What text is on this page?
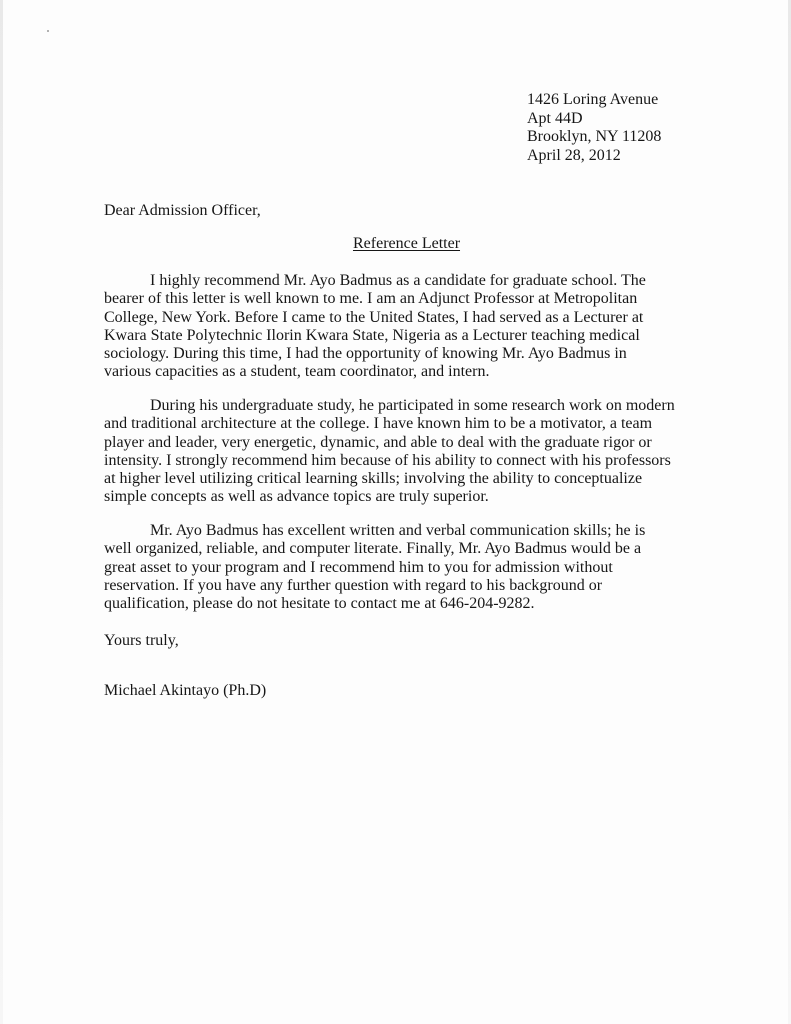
1426 Loring Avenue
Apt 44D
Brooklyn, NY 11208
April 28, 2012
Dear Admission Officer,
Reference Letter
I highly recommend Mr. Ayo Badmus as a candidate for graduate school. The
bearer of this letter is well known to me. I am an Adjunct Professor at Metropolitan
College, New York. Before I came to the United States, I had served as a Lecturer at
Kwara State Polytechnic Ilorin Kwara State, Nigeria as a Lecturer teaching medical
sociology. During this time, I had the opportunity of knowing Mr. Ayo Badmus in
various capacities as a student, team coordinator, and intern.
During his undergraduate study, he participated in some research work on modern
and traditional architecture at the college. I have known him to be a motivator, a team
player and leader, very energetic, dynamic, and able to deal with the graduate rigor or
intensity. I strongly recommend him because of his ability to connect with his professors
at higher level utilizing critical learning skills; involving the ability to conceptualize
simple concepts as well as advance topics are truly superior.
Mr. Ayo Badmus has excellent written and verbal communication skills; he is
well organized, reliable, and computer literate. Finally, Mr. Ayo Badmus would be a
great asset to your program and I recommend him to you for admission without
reservation. If you have any further question with regard to his background or
qualification, please do not hesitate to contact me at 646-204-9282.
Yours truly,
Michael Akintayo (Ph.D)
